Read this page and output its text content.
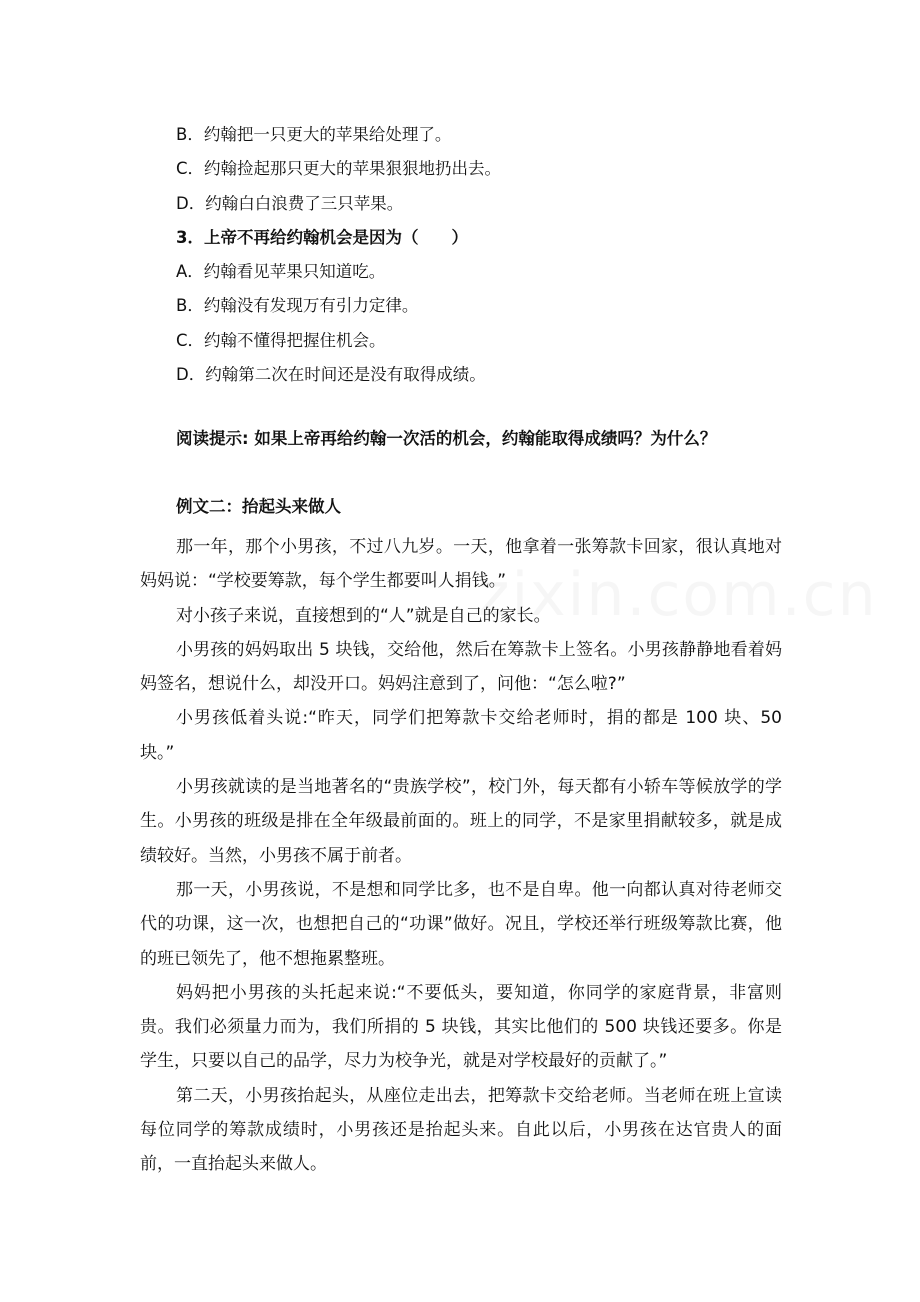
B．约翰把一只更大的苹果给处理了。
C．约翰捡起那只更大的苹果狠狠地扔出去。
D．约翰白白浪费了三只苹果。
3．上帝不再给约翰机会是因为（　　）
A．约翰看见苹果只知道吃。
B．约翰没有发现万有引力定律。
C．约翰不懂得把握住机会。
D．约翰第二次在时间还是没有取得成绩。
阅读提示: 如果上帝再给约翰一次活的机会，约翰能取得成绩吗？为什么？
例文二：抬起头来做人

那一年，那个小男孩，不过八九岁。一天，他拿着一张筹款卡回家，很认真地对妈妈说：“学校要筹款，每个学生都要叫人捐钱。”

对小孩子来说，直接想到的“人”就是自己的家长。

小男孩的妈妈取出 5 块钱，交给他，然后在筹款卡上签名。小男孩静静地看着妈妈签名，想说什么，却没开口。妈妈注意到了，问他：“怎么啦?”

小男孩低着头说:“昨天，同学们把筹款卡交给老师时，捐的都是 100 块、50 块。”

小男孩就读的是当地著名的“贵族学校”，校门外，每天都有小轿车等候放学的学生。小男孩的班级是排在全年级最前面的。班上的同学，不是家里捐献较多，就是成绩较好。当然，小男孩不属于前者。

那一天，小男孩说，不是想和同学比多，也不是自卑。他一向都认真对待老师交代的功课，这一次，也想把自己的“功课”做好。况且，学校还举行班级筹款比赛，他的班已领先了，他不想拖累整班。

妈妈把小男孩的头托起来说:“不要低头，要知道，你同学的家庭背景，非富则贵。我们必须量力而为，我们所捐的 5 块钱，其实比他们的 500 块钱还要多。你是学生，只要以自己的品学，尽力为校争光，就是对学校最好的贡献了。”

第二天，小男孩抬起头，从座位走出去，把筹款卡交给老师。当老师在班上宣读每位同学的筹款成绩时，小男孩还是抬起头来。自此以后，小男孩在达官贵人的面前，一直抬起头来做人。
